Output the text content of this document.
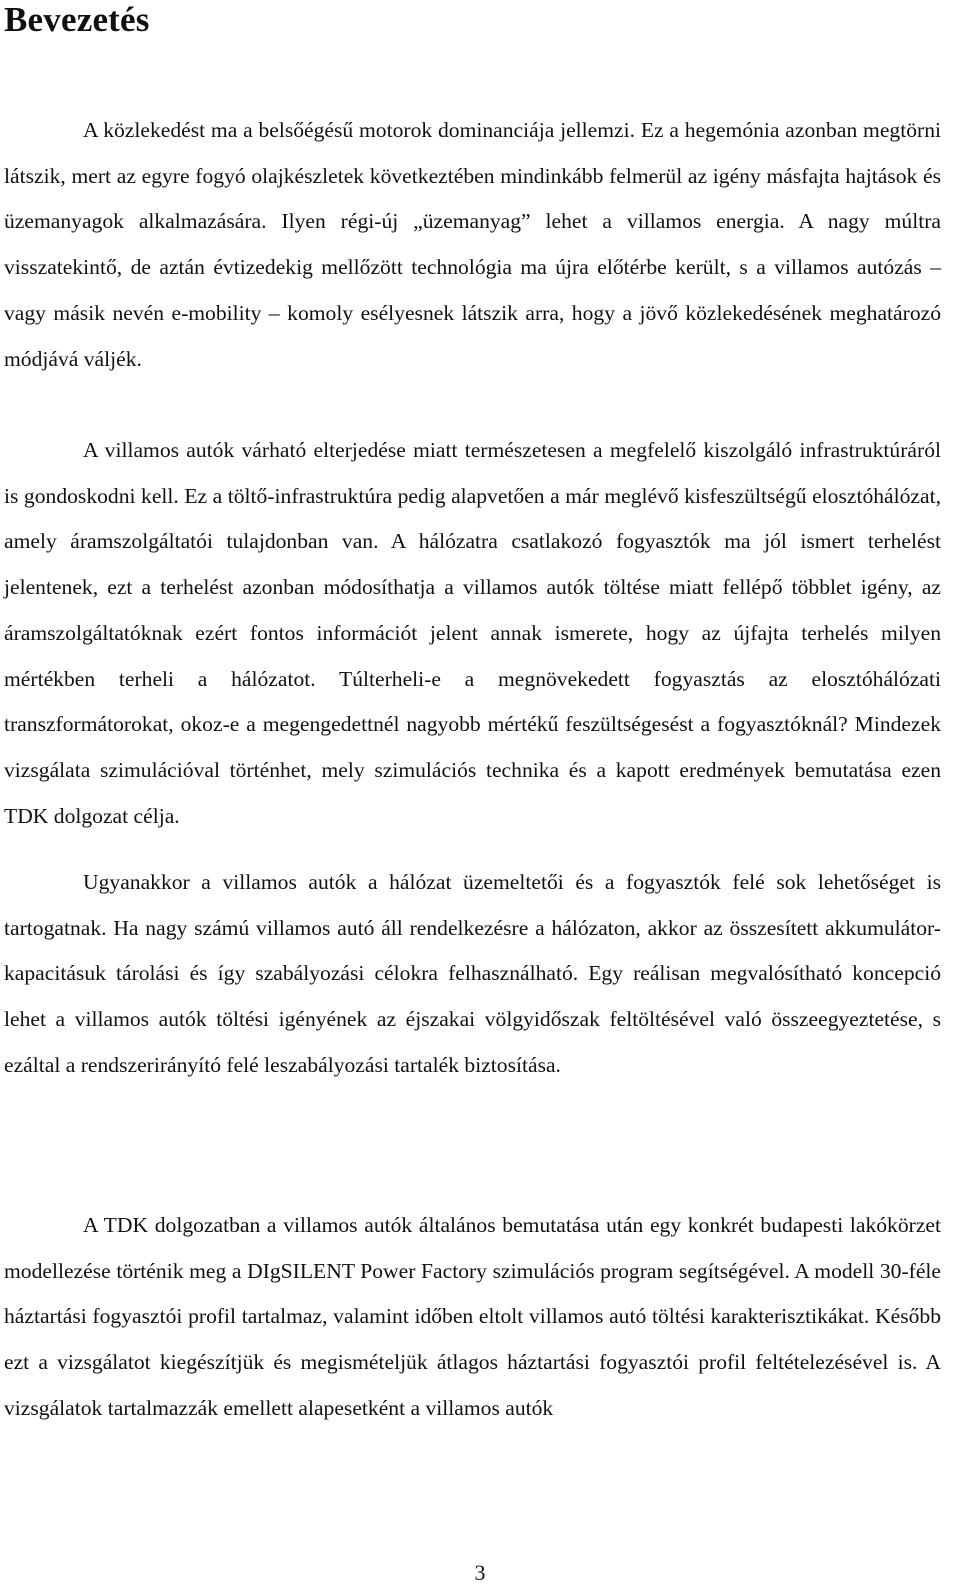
Bevezetés

A közlekedést ma a belsőégésű motorok dominanciája jellemzi. Ez a hegemónia azonban megtörni látszik, mert az egyre fogyó olajkészletek következtében mindinkább felmerül az igény másfajta hajtások és üzemanyagok alkalmazására. Ilyen régi-új „üzemanyag” lehet a villamos energia. A nagy múltra visszatekintő, de aztán évtizedekig mellőzött technológia ma újra előtérbe került, s a villamos autózás – vagy másik nevén e-mobility – komoly esélyesnek látszik arra, hogy a jövő közlekedésének meghatározó módjává váljék.

A villamos autók várható elterjedése miatt természetesen a megfelelő kiszolgáló infrastruktúráról is gondoskodni kell. Ez a töltő-infrastruktúra pedig alapvetően a már meglévő kisfeszültségű elosztóhálózat, amely áramszolgáltatói tulajdonban van. A hálózatra csatlakozó fogyasztók ma jól ismert terhelést jelentenek, ezt a terhelést azonban módosíthatja a villamos autók töltése miatt fellépő többlet igény, az áramszolgáltatóknak ezért fontos információt jelent annak ismerete, hogy az újfajta terhelés milyen mértékben terheli a hálózatot. Túlterheli-e a megnövekedett fogyasztás az elosztóhálózati transzformátorokat, okoz-e a megengedettnél nagyobb mértékű feszültségesést a fogyasztóknál? Mindezek vizsgálata szimulációval történhet, mely szimulációs technika és a kapott eredmények bemutatása ezen TDK dolgozat célja.

Ugyanakkor a villamos autók a hálózat üzemeltetői és a fogyasztók felé sok lehetőséget is tartogatnak. Ha nagy számú villamos autó áll rendelkezésre a hálózaton, akkor az összesített akkumulátor-kapacitásuk tárolási és így szabályozási célokra felhasználható. Egy reálisan megvalósítható koncepció lehet a villamos autók töltési igényének az éjszakai völgyidőszak feltöltésével való összeegyeztetése, s ezáltal a rendszerirányító felé leszabályozási tartalék biztosítása.

A TDK dolgozatban a villamos autók általános bemutatása után egy konkrét budapesti lakókörzet modellezése történik meg a DIgSILENT Power Factory szimulációs program segítségével. A modell 30-féle háztartási fogyasztói profil tartalmaz, valamint időben eltolt villamos autó töltési karakterisztikákat. Később ezt a vizsgálatot kiegészítjük és megismételjük átlagos háztartási fogyasztói profil feltételezésével is. A vizsgálatok tartalmazzák emellett alapesetként a villamos autók

3
